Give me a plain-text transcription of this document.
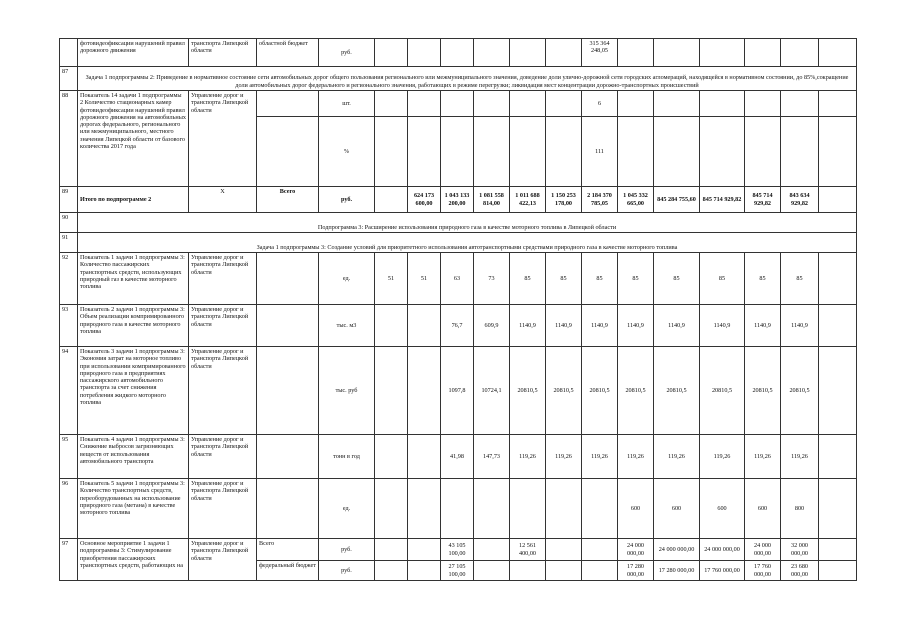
	фотовидеофиксации нарушений правил дорожного движения	транспорта Липецкой области	областной бюджет	руб.							315 364 248,05						
87	Задача 1 подпрограммы 2: Приведение в нормативное состояние сети автомобильных дорог общего пользования регионального или межмуниципального значения, доведение доли улично-дорожной сети городских агломераций, находящейся в нормативном состоянии, до 85%,сокращение доли автомобильных дорог федерального и регионального значения, работающих в режиме перегрузки; ликвидация мест концентрации дорожно-транспортных происшествий																
88	Показатель 14 задачи 1 подпрограммы 2 Количество стационарных камер фотовидеофиксации нарушений правил дорожного движения на автомобильных дорогах федерального, регионального или межмуниципального, местного значения Липецкой области от базового количества 2017 года	Управление дорог и транспорта Липецкой области		шт.							6						
				%							111						
89	Итого по подпрограмме 2	Х	Всего	руб.		624 173 600,00	1 043 133 200,00	1 081 558 814,00	1 011 688 422,13	1 150 253 178,00	2 184 370 785,05	1 045 332 665,00	845 284 755,60	845 714 929,82	845 714 929,82	843 634 929,82	
90	Подпрограмма 3: Расширение использования природного газа в качестве моторного топлива в Липецкой области																
91	Задача 1 подпрограммы 3: Создание условий для приоритетного использования автотранспортными средствами природного газа в качестве моторного топлива																
92	Показатель 1 задачи 1 подпрограммы 3: Количество пассажирских транспортных средств, использующих природный газ в качестве моторного топлива	Управление дорог и транспорта Липецкой области		ед.	51	51	63	73	85	85	85	85	85	85	85	85	
93	Показатель 2 задачи 1 подпрограммы 3: Объем реализации компримированного природного газа в качестве моторного топлива	Управление дорог и транспорта Липецкой области		тыс. м3			76,7	609,9	1140,9	1140,9	1140,9	1140,9	1140,9	1140,9	1140,9	1140,9	
94	Показатель 3 задачи 1 подпрограммы 3: Экономия затрат на моторное топливо при использовании компримированного природного газа в предприятиях пассажирского автомобильного транспорта за счет снижения потребления жидкого моторного топлива	Управление дорог и транспорта Липецкой области		тыс. руб			1097,8	10724,1	20810,5	20810,5	20810,5	20810,5	20810,5	20810,5	20810,5	20810,5	
95	Показатель 4 задачи 1 подпрограммы 3: Снижение выбросов загрязняющих веществ от использования автомобильного транспорта	Управление дорог и транспорта Липецкой области		тонн в год			41,98	147,73	119,26	119,26	119,26	119,26	119,26	119,26	119,26	119,26	
96	Показатель 5 задачи 1 подпрограммы 3: Количество транспортных средств, переоборудованных на использование природного газа (метана) в качестве моторного топлива	Управление дорог и транспорта Липецкой области		ед.								600	600	600	600	800	
97	Основное мероприятие 1 задачи 1 подпрограммы 3: Стимулирование приобретения пассажирских транспортных средств, работающих на	Управление дорог и транспорта Липецкой области	Всего	руб.			43 105 100,00		12 561 400,00			24 000 000,00	24 000 000,00	24 000 000,00	24 000 000,00	32 000 000,00	
			федеральный бюджет	руб.			27 105 100,00					17 280 000,00	17 280 000,00	17 760 000,00	17 760 000,00	23 680 000,00	
